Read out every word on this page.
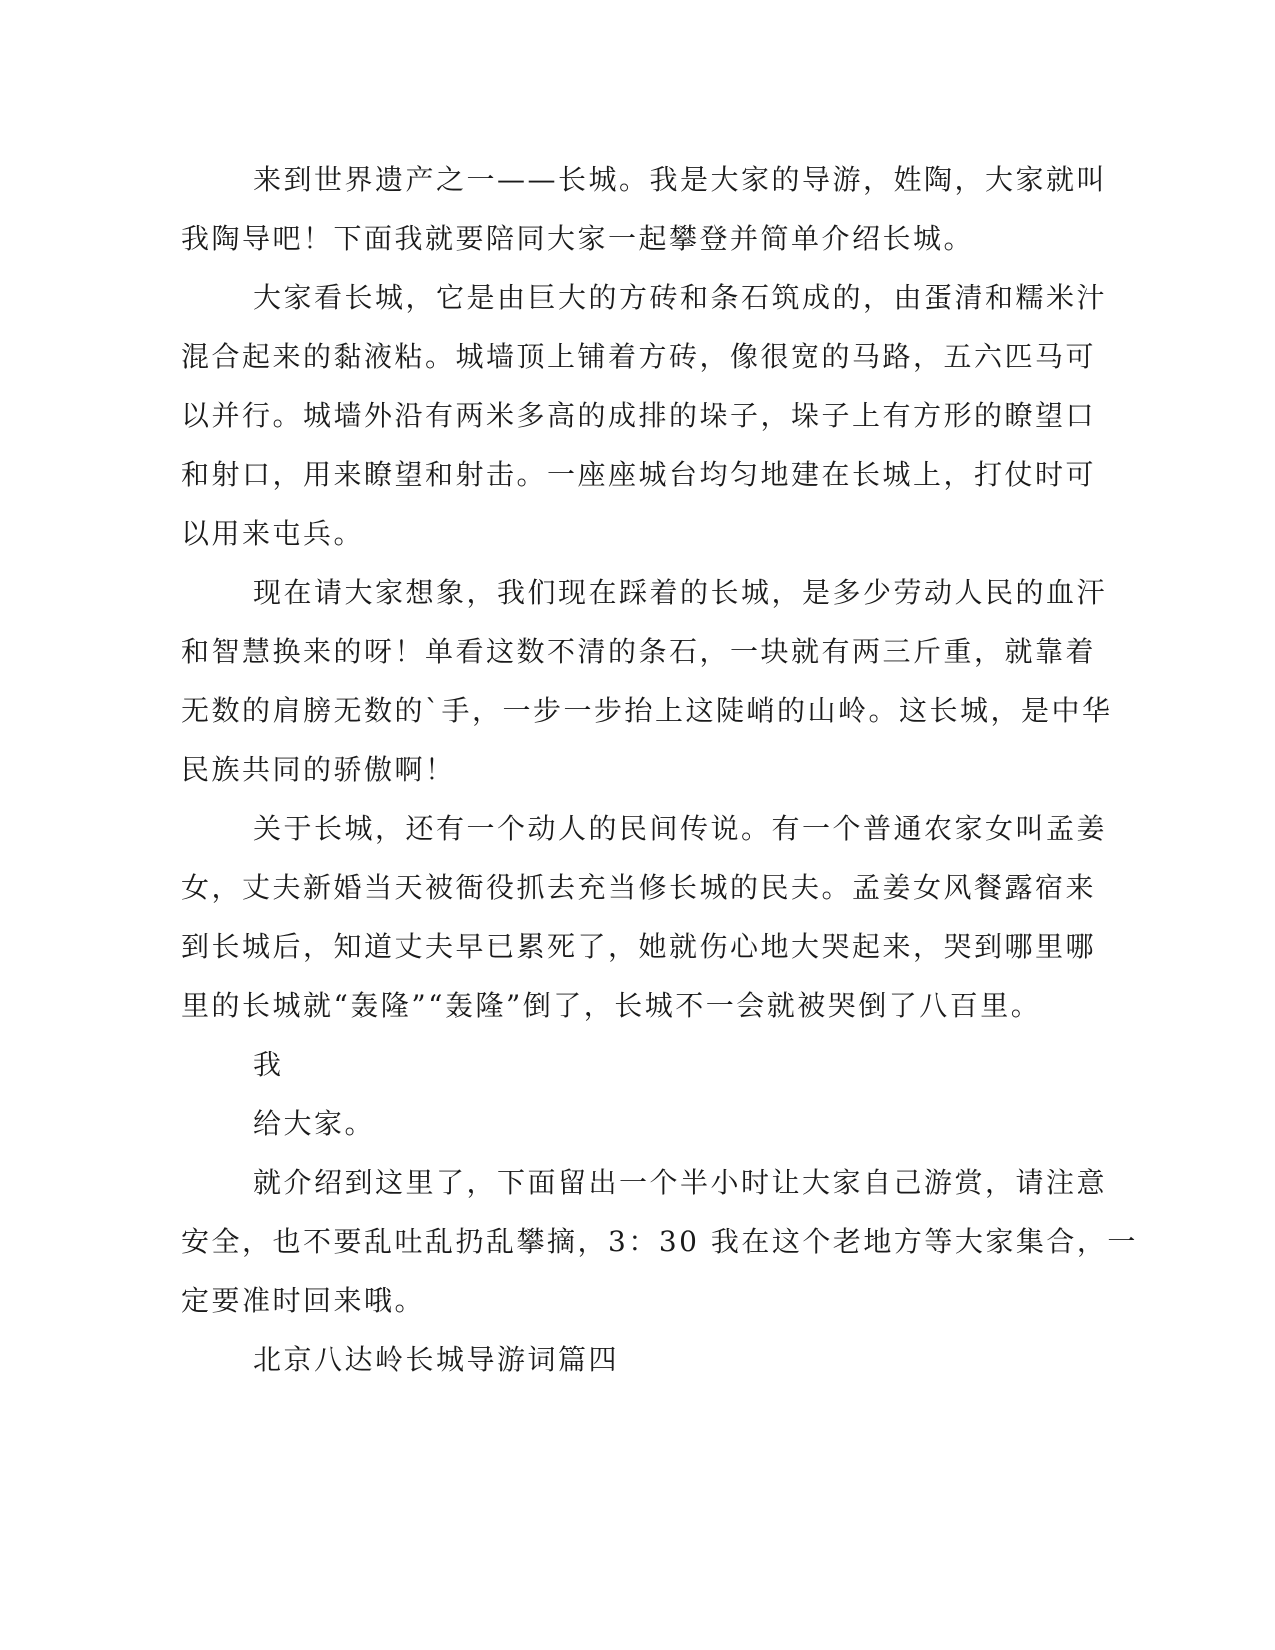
来到世界遗产之一——长城。我是大家的导游，姓陶，大家就叫
我陶导吧！下面我就要陪同大家一起攀登并简单介绍长城。
大家看长城，它是由巨大的方砖和条石筑成的，由蛋清和糯米汁
混合起来的黏液粘。城墙顶上铺着方砖，像很宽的马路，五六匹马可
以并行。城墙外沿有两米多高的成排的垛子，垛子上有方形的瞭望口
和射口，用来瞭望和射击。一座座城台均匀地建在长城上，打仗时可
以用来屯兵。
现在请大家想象，我们现在踩着的长城，是多少劳动人民的血汗
和智慧换来的呀！单看这数不清的条石，一块就有两三斤重，就靠着
无数的肩膀无数的`手，一步一步抬上这陡峭的山岭。这长城，是中华
民族共同的骄傲啊！
关于长城，还有一个动人的民间传说。有一个普通农家女叫孟姜
女，丈夫新婚当天被衙役抓去充当修长城的民夫。孟姜女风餐露宿来
到长城后，知道丈夫早已累死了，她就伤心地大哭起来，哭到哪里哪
里的长城就“轰隆”“轰隆”倒了，长城不一会就被哭倒了八百里。
我
给大家。
就介绍到这里了，下面留出一个半小时让大家自己游赏，请注意
安全，也不要乱吐乱扔乱攀摘，3：30 我在这个老地方等大家集合，一
定要准时回来哦。
北京八达岭长城导游词篇四
